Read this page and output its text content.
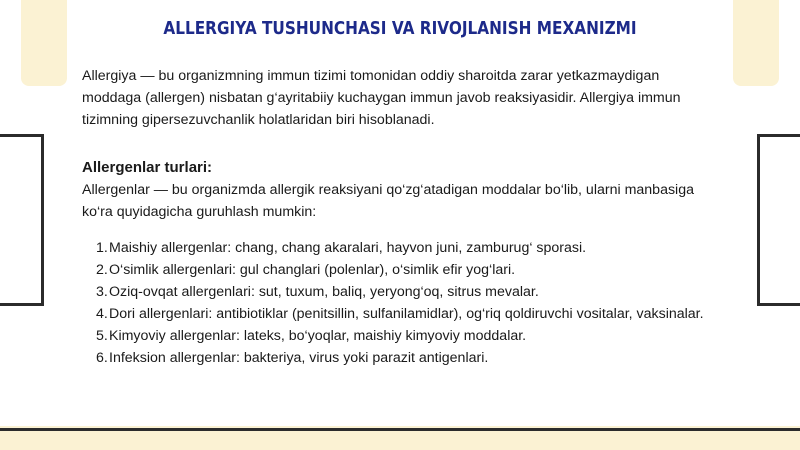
ALLERGIYA TUSHUNCHASI VA RIVOJLANISH MEXANIZMI

Allergiya — bu organizmning immun tizimi tomonidan oddiy sharoitda zarar yetkazmaydigan moddaga (allergen) nisbatan g‘ayritabiiy kuchaygan immun javob reaksiyasidir. Allergiya immun tizimning gipersezuvchanlik holatlaridan biri hisoblanadi.

Allergenlar turlari:

Allergenlar — bu organizmda allergik reaksiyani qo‘zg‘atadigan moddalar bo‘lib, ularni manbasiga ko‘ra quyidagicha guruhlash mumkin:

1. Maishiy allergenlar: chang, chang akaralari, hayvon juni, zamburug‘ sporasi.
2. O‘simlik allergenlari: gul changlari (polenlar), o‘simlik efir yog‘lari.
3. Oziq-ovqat allergenlari: sut, tuxum, baliq, yeryong‘oq, sitrus mevalar.
4. Dori allergenlari: antibiotiklar (penitsillin, sulfanilamidlar), og‘riq qoldiruvchi vositalar, vaksinalar.
5. Kimyoviy allergenlar: lateks, bo‘yoqlar, maishiy kimyoviy moddalar.
6. Infeksion allergenlar: bakteriya, virus yoki parazit antigenlari.
